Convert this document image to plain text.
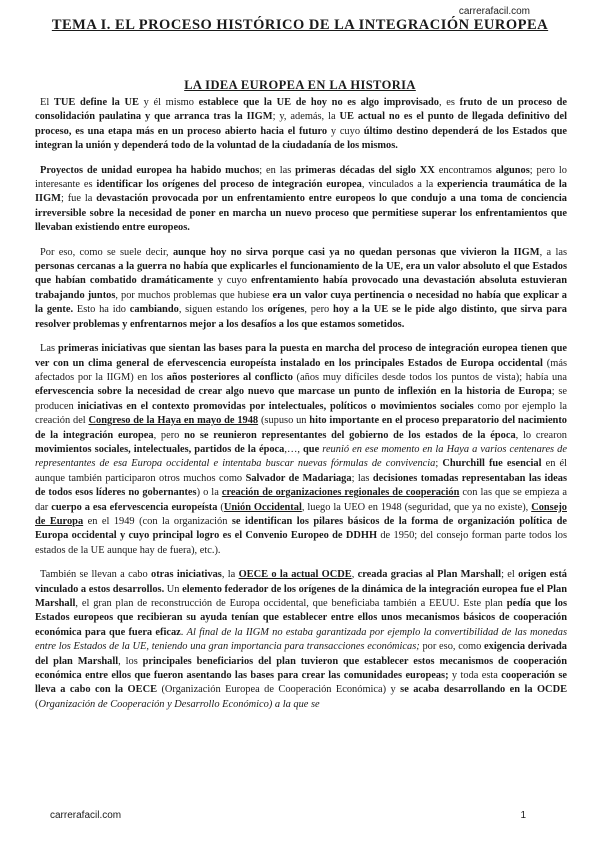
carrerafacil.com
TEMA I. EL PROCESO HISTÓRICO DE LA INTEGRACIÓN EUROPEA
LA IDEA EUROPEA EN LA HISTORIA

El TUE define la UE y él mismo establece que la UE de hoy no es algo improvisado, es fruto de un proceso de consolidación paulatina y que arranca tras la IIGM; y, además, la UE actual no es el punto de llegada definitivo del proceso, es una etapa más en un proceso abierto hacia el futuro y cuyo último destino dependerá de los Estados que integran la unión y dependerá todo de la voluntad de la ciudadanía de los mismos.

Proyectos de unidad europea ha habido muchos; en las primeras décadas del siglo XX encontramos algunos; pero lo interesante es identificar los orígenes del proceso de integración europea, vinculados a la experiencia traumática de la IIGM; fue la devastación provocada por un enfrentamiento entre europeos lo que condujo a una toma de conciencia irreversible sobre la necesidad de poner en marcha un nuevo proceso que permitiese superar los enfrentamientos que llevaban existiendo entre europeos.

Por eso, como se suele decir, aunque hoy no sirva porque casi ya no quedan personas que vivieron la IIGM, a las personas cercanas a la guerra no había que explicarles el funcionamiento de la UE, era un valor absoluto el que Estados que habían combatido dramáticamente y cuyo enfrentamiento había provocado una devastación absoluta estuvieran trabajando juntos, por muchos problemas que hubiese era un valor cuya pertinencia o necesidad no había que explicar a la gente. Esto ha ido cambiando, siguen estando los orígenes, pero hoy a la UE se le pide algo distinto, que sirva para resolver problemas y enfrentarnos mejor a los desafíos a los que estamos sometidos.

Las primeras iniciativas que sientan las bases para la puesta en marcha del proceso de integración europea tienen que ver con un clima general de efervescencia europeísta instalado en los principales Estados de Europa occidental (más afectados por la IIGM) en los años posteriores al conflicto (años muy difíciles desde todos los puntos de vista); había una efervescencia sobre la necesidad de crear algo nuevo que marcase un punto de inflexión en la historia de Europa; se producen iniciativas en el contexto promovidas por intelectuales, políticos o movimientos sociales como por ejemplo la creación del Congreso de la Haya en mayo de 1948 (supuso un hito importante en el proceso preparatorio del nacimiento de la integración europea, pero no se reunieron representantes del gobierno de los estados de la época, lo crearon movimientos sociales, intelectuales, partidos de la época,…, que reunió en ese momento en la Haya a varios centenares de representantes de esa Europa occidental e intentaba buscar nuevas fórmulas de convivencia; Churchill fue esencial en él aunque también participaron otros muchos como Salvador de Madariaga; las decisiones tomadas representaban las ideas de todos esos líderes no gobernantes) o la creación de organizaciones regionales de cooperación con las que se empieza a dar cuerpo a esa efervescencia europeísta (Unión Occidental, luego la UEO en 1948 (seguridad, que ya no existe), Consejo de Europa en el 1949 (con la organización se identifican los pilares básicos de la forma de organización política de Europa occidental y cuyo principal logro es el Convenio Europeo de DDHH de 1950; del consejo forman parte todos los estados de la UE aunque hay de fuera), etc.).

También se llevan a cabo otras iniciativas, la OECE o la actual OCDE, creada gracias al Plan Marshall; el origen está vinculado a estos desarrollos. Un elemento federador de los orígenes de la dinámica de la integración europea fue el Plan Marshall, el gran plan de reconstrucción de Europa occidental, que beneficiaba también a EEUU. Este plan pedía que los Estados europeos que recibieran su ayuda tenían que establecer entre ellos unos mecanismos básicos de cooperación económica para que fuera eficaz. Al final de la IIGM no estaba garantizada por ejemplo la convertibilidad de las monedas entre los Estados de la UE, teniendo una gran importancia para transacciones económicas; por eso, como exigencia derivada del plan Marshall, los principales beneficiarios del plan tuvieron que establecer estos mecanismos de cooperación económica entre ellos que fueron asentando las bases para crear las comunidades europeas; y toda esta cooperación se lleva a cabo con la OECE (Organización Europea de Cooperación Económica) y se acaba desarrollando en la OCDE (Organización de Cooperación y Desarrollo Económico) a la que se

carrerafacil.com	1
